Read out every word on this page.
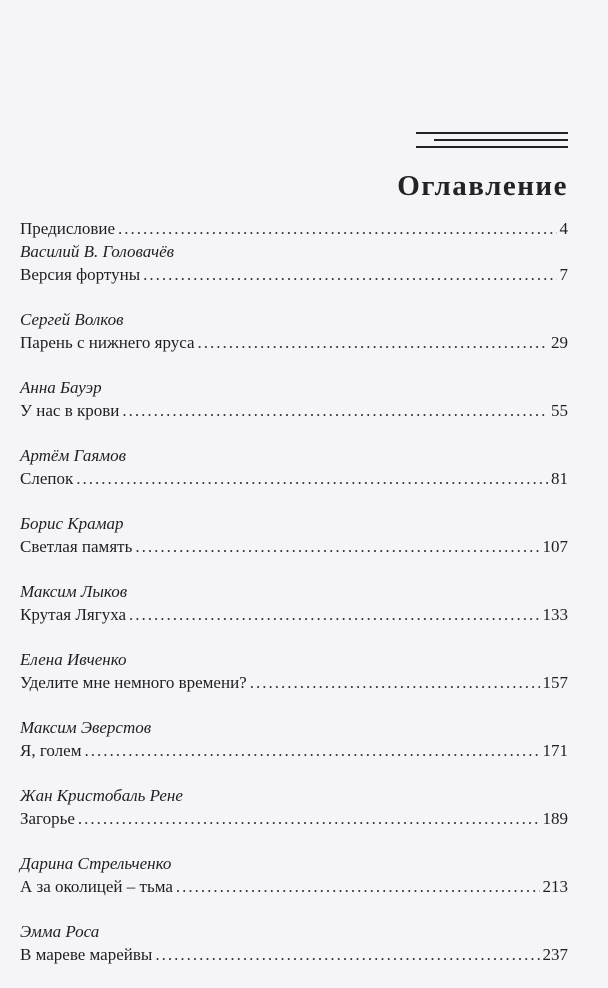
Оглавление
Предисловие .....	4
Василий В. Головачёв
Версия фортуны .....	7
Сергей Волков
Парень с нижнего яруса .....	29
Анна Бауэр
У нас в крови .....	55
Артём Гаямов
Слепок .....	81
Борис Крамар
Светлая память .....	107
Максим Лыков
Крутая Лягуха .....	133
Елена Ивченко
Уделите мне немного времени? .....	157
Максим Эверстов
Я, голем .....	171
Жан Кристобаль Рене
Загорье .....	189
Дарина Стрельченко
А за околицей – тьма .....	213
Эмма Роса
В мареве марейвы .....	237
